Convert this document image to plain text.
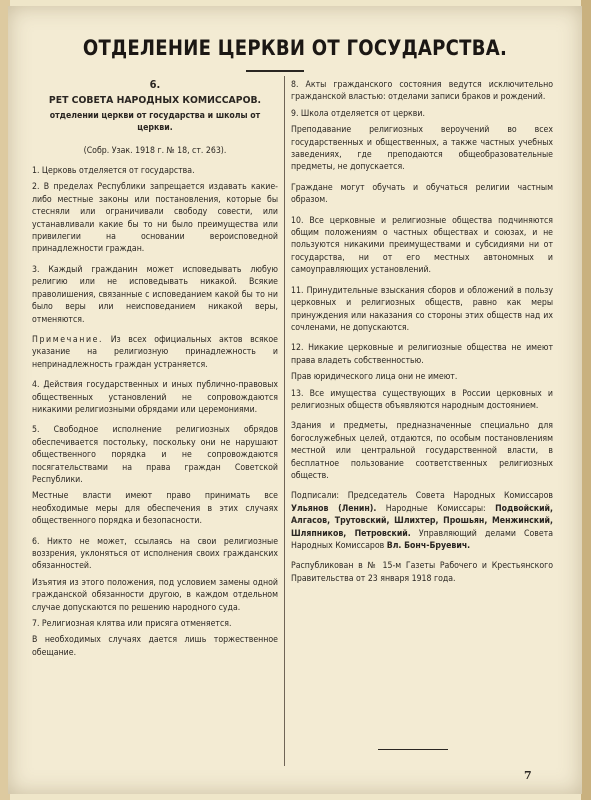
ОТДЕЛЕНИЕ ЦЕРКВИ ОТ ГОСУДАРСТВА.
6.
РЕТ СОВЕТА НАРОДНЫХ КОМИССАРОВ.
отделении церкви от государства и школы от церкви.
(Собр. Узак. 1918 г. № 18, ст. 263).

1. Церковь отделяется от государства.

2. В пределах Республики запрещается издавать какие-либо местные законы или постановления, которые бы стесняли или ограничивали свободу совести, или устанавливали какие бы то ни было преимущества или привилегии на основании вероисповедной принадлежности граждан.

3. Каждый гражданин может исповедывать любую религию или не исповедывать никакой. Всякие праволишения, связанные с исповеданием какой бы то ни было веры или неисповеданием никакой веры, отменяются.

Примечание. Из всех официальных актов всякое указание на религиозную принадлежность и непринадлежность граждан устраняется.

4. Действия государственных и иных публично-правовых общественных установлений не сопровождаются никакими религиозными обрядами или церемониями.

5. Свободное исполнение религиозных обрядов обеспечивается постольку, поскольку они не нарушают общественного порядка и не сопровождаются посягательствами на права граждан Советской Республики.

Местные власти имеют право принимать все необходимые меры для обеспечения в этих случаях общественного порядка и безопасности.

6. Никто не может, ссылаясь на свои религиозные воззрения, уклоняться от исполнения своих гражданских обязанностей.

Изъятия из этого положения, под условием замены одной гражданской обязанности другою, в каждом отдельном случае допускаются по решению народного суда.

7. Религиозная клятва или присяга отменяется.

В необходимых случаях дается лишь торжественное обещание.

8. Акты гражданского состояния ведутся исключительно гражданской властью: отделами записи браков и рождений.

9. Школа отделяется от церкви.

Преподавание религиозных вероучений во всех государственных и общественных, а также частных учебных заведениях, где преподаются общеобразовательные предметы, не допускается.

Граждане могут обучать и обучаться религии частным образом.

10. Все церковные и религиозные общества подчиняются общим положениям о частных обществах и союзах, и не пользуются никакими преимуществами и субсидиями ни от государства, ни от его местных автономных и самоуправляющих установлений.

11. Принудительные взыскания сборов и обложений в пользу церковных и религиозных обществ, равно как меры принуждения или наказания со стороны этих обществ над их сочленами, не допускаются.

12. Никакие церковные и религиозные общества не имеют права владеть собственностью.

Прав юридического лица они не имеют.

13. Все имущества существующих в России церковных и религиозных обществ объявляются народным достоянием.

Здания и предметы, предназначенные специально для богослужебных целей, отдаются, по особым постановлениям местной или центральной государственной власти, в бесплатное пользование соответственных религиозных обществ.

Подписали: Председатель Совета Народных Комиссаров Ульянов (Ленин). Народные Комиссары: Подвойский, Алгасов, Трутовский, Шлихтер, Прошьян, Менжинский, Шляпников, Петровский. Управляющий делами Совета Народных Комиссаров Вл. Бонч-Бруевич.

Распубликован в № 15-м Газеты Рабочего и Крестьянского Правительства от 23 января 1918 года.

7
